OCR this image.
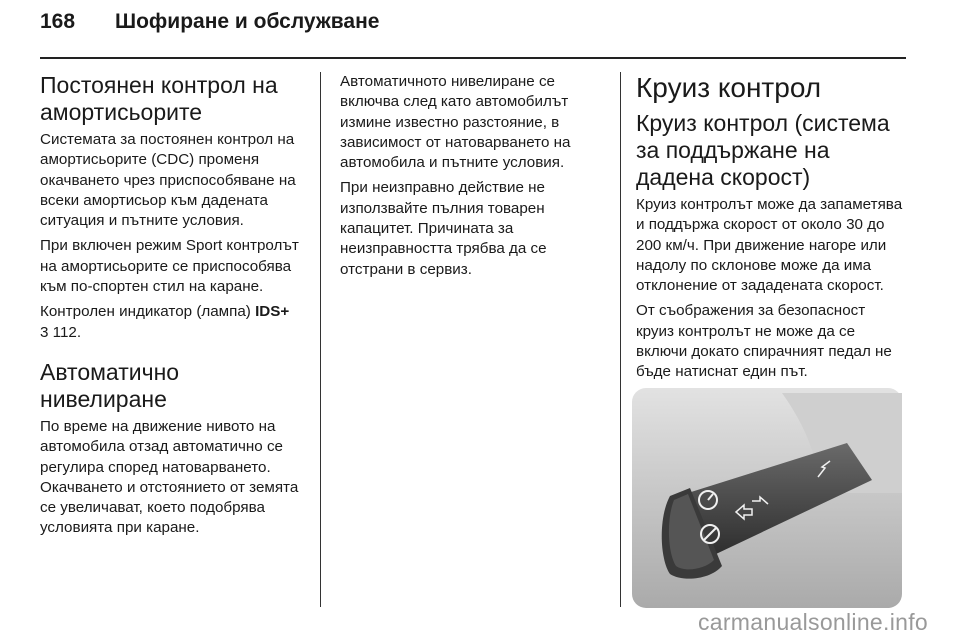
168	Шофиране и обслужване
Постоянен контрол на амортисьорите

Системата за постоянен контрол на амортисьорите (CDC) променя окачването чрез приспособяване на всеки амортисьор към дадената ситуация и пътните условия.

При включен режим Sport контролът на амортисьорите се приспособява към по-спортен стил на каране.

Контролен индикатор (лампа) IDS+
3 112.

Автоматично нивелиране

По време на движение нивото на автомобила отзад автоматично се регулира според натоварването. Окачването и отстоянието от земята се увеличават, което подобрява условията при каране.

Автоматичното нивелиране се включва след като автомобилът измине известно разстояние, в зависимост от натоварването на автомобила и пътните условия.

При неизправно действие не използвайте пълния товарен капацитет. Причината за неизправността трябва да се отстрани в сервиз.

Круиз контрол
Круиз контрол (система за поддържане на дадена скорост)

Круиз контролът може да запаметява и поддържа скорост от около 30 до 200 км/ч. При движение нагоре или надолу по склонове може да има отклонение от зададената скорост.

От съображения за безопасност круиз контролът не може да се включи докато спирачният педал не бъде натиснат един път.

carmanualsonline.info
